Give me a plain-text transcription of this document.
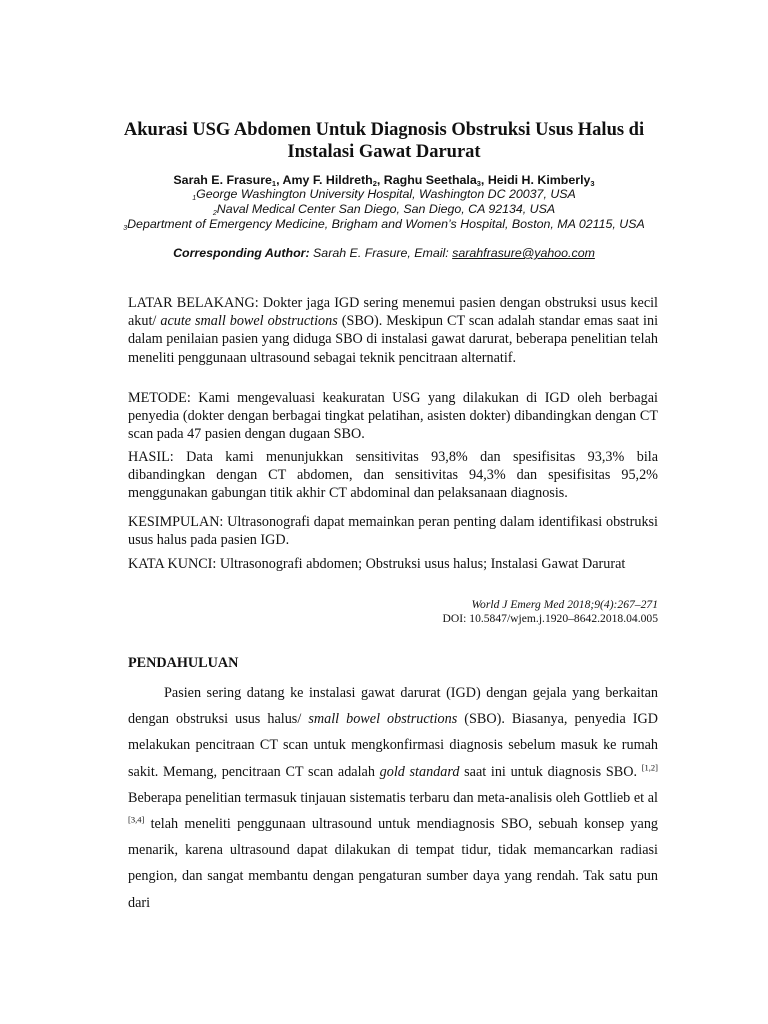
Akurasi USG Abdomen Untuk Diagnosis Obstruksi Usus Halus di Instalasi Gawat Darurat
Sarah E. Frasure$_1$, Amy F. Hildreth$_2$, Raghu Seethala$_3$, Heidi H. Kimberly$_3$
1George Washington University Hospital, Washington DC 20037, USA
2Naval Medical Center San Diego, San Diego, CA 92134, USA
3Department of Emergency Medicine, Brigham and Women’s Hospital, Boston, MA 02115, USA
Corresponding Author: Sarah E. Frasure, Email: sarahfrasure@yahoo.com

LATAR BELAKANG: Dokter jaga IGD sering menemui pasien dengan obstruksi usus kecil akut/ acute small bowel obstructions (SBO). Meskipun CT scan adalah standar emas saat ini dalam penilaian pasien yang diduga SBO di instalasi gawat darurat, beberapa penelitian telah meneliti penggunaan ultrasound sebagai teknik pencitraan alternatif.

METODE: Kami mengevaluasi keakuratan USG yang dilakukan di IGD oleh berbagai penyedia (dokter dengan berbagai tingkat pelatihan, asisten dokter) dibandingkan dengan CT scan pada 47 pasien dengan dugaan SBO.

HASIL: Data kami menunjukkan sensitivitas 93,8% dan spesifisitas 93,3% bila dibandingkan dengan CT abdomen, dan sensitivitas 94,3% dan spesifisitas 95,2% menggunakan gabungan titik akhir CT abdominal dan pelaksanaan diagnosis.

KESIMPULAN: Ultrasonografi dapat memainkan peran penting dalam identifikasi obstruksi usus halus pada pasien IGD.

KATA KUNCI: Ultrasonografi abdomen; Obstruksi usus halus; Instalasi Gawat Darurat

World J Emerg Med 2018;9(4):267–271
DOI: 10.5847/wjem.j.1920–8642.2018.04.005
PENDAHULUAN

Pasien sering datang ke instalasi gawat darurat (IGD) dengan gejala yang berkaitan dengan obstruksi usus halus/ small bowel obstructions (SBO). Biasanya, penyedia IGD melakukan pencitraan CT scan untuk mengkonfirmasi diagnosis sebelum masuk ke rumah sakit. Memang, pencitraan CT scan adalah gold standard saat ini untuk diagnosis SBO. [1,2] Beberapa penelitian termasuk tinjauan sistematis terbaru dan meta-analisis oleh Gottlieb et al [3,4] telah meneliti penggunaan ultrasound untuk mendiagnosis SBO, sebuah konsep yang menarik, karena ultrasound dapat dilakukan di tempat tidur, tidak memancarkan radiasi pengion, dan sangat membantu dengan pengaturan sumber daya yang rendah. Tak satu pun dari
